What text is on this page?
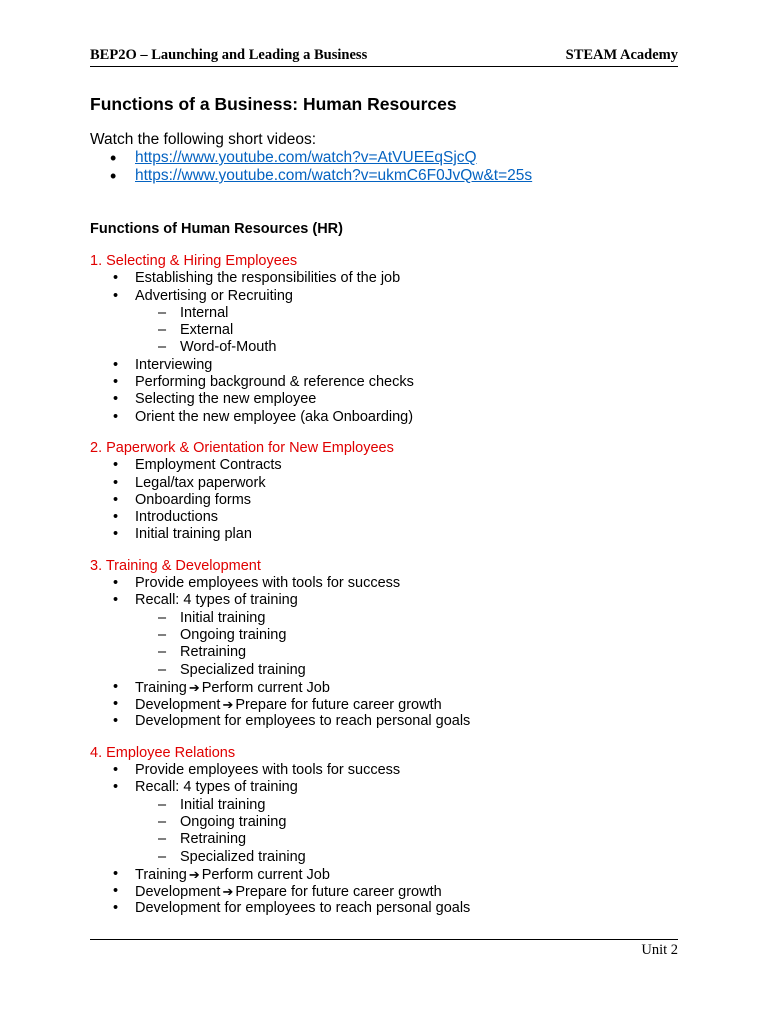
BEP2O – Launching and Leading a Business	STEAM Academy
Functions of a Business: Human Resources
Watch the following short videos:
• https://www.youtube.com/watch?v=AtVUEEqSjcQ
• https://www.youtube.com/watch?v=ukmC6F0JvQw&t=25s
Functions of Human Resources (HR)
1. Selecting & Hiring Employees
• Establishing the responsibilities of the job
• Advertising or Recruiting
– Internal
– External
– Word-of-Mouth
• Interviewing
• Performing background & reference checks
• Selecting the new employee
• Orient the new employee (aka Onboarding)
2. Paperwork & Orientation for New Employees
• Employment Contracts
• Legal/tax paperwork
• Onboarding forms
• Introductions
• Initial training plan
3. Training & Development
• Provide employees with tools for success
• Recall: 4 types of training
– Initial training
– Ongoing training
– Retraining
– Specialized training
• Training➔Perform current Job
• Development➔Prepare for future career growth
• Development for employees to reach personal goals
4. Employee Relations
• Provide employees with tools for success
• Recall: 4 types of training
– Initial training
– Ongoing training
– Retraining
– Specialized training
• Training➔Perform current Job
• Development➔Prepare for future career growth
• Development for employees to reach personal goals
Unit 2
